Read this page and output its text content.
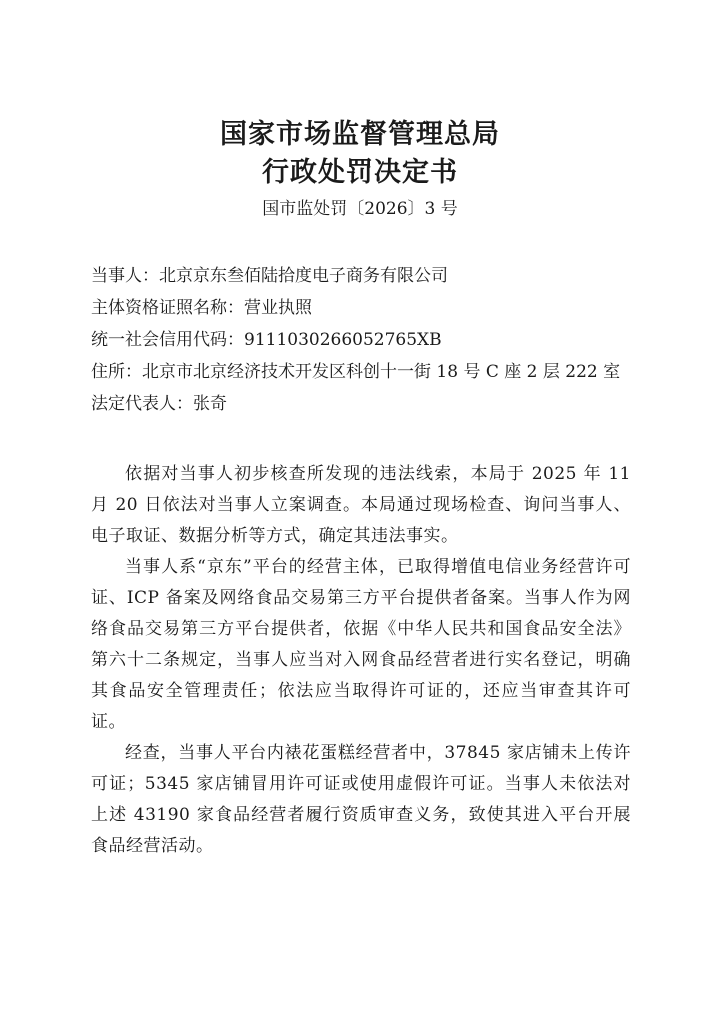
国家市场监督管理总局
行政处罚决定书
国市监处罚〔2026〕3 号
当事人：北京京东叁佰陆拾度电子商务有限公司
主体资格证照名称：营业执照
统一社会信用代码：9111030266052765XB
住所：北京市北京经济技术开发区科创十一街 18 号 C 座 2 层 222 室
法定代表人：张奇

依据对当事人初步核查所发现的违法线索，本局于 2025 年 11 月 20 日依法对当事人立案调查。本局通过现场检查、询问当事人、电子取证、数据分析等方式，确定其违法事实。

当事人系“京东”平台的经营主体，已取得增值电信业务经营许可证、ICP 备案及网络食品交易第三方平台提供者备案。当事人作为网络食品交易第三方平台提供者，依据《中华人民共和国食品安全法》第六十二条规定，当事人应当对入网食品经营者进行实名登记，明确其食品安全管理责任；依法应当取得许可证的，还应当审查其许可证。

经查，当事人平台内裱花蛋糕经营者中，37845 家店铺未上传许可证；5345 家店铺冒用许可证或使用虚假许可证。当事人未依法对上述 43190 家食品经营者履行资质审查义务，致使其进入平台开展食品经营活动。
